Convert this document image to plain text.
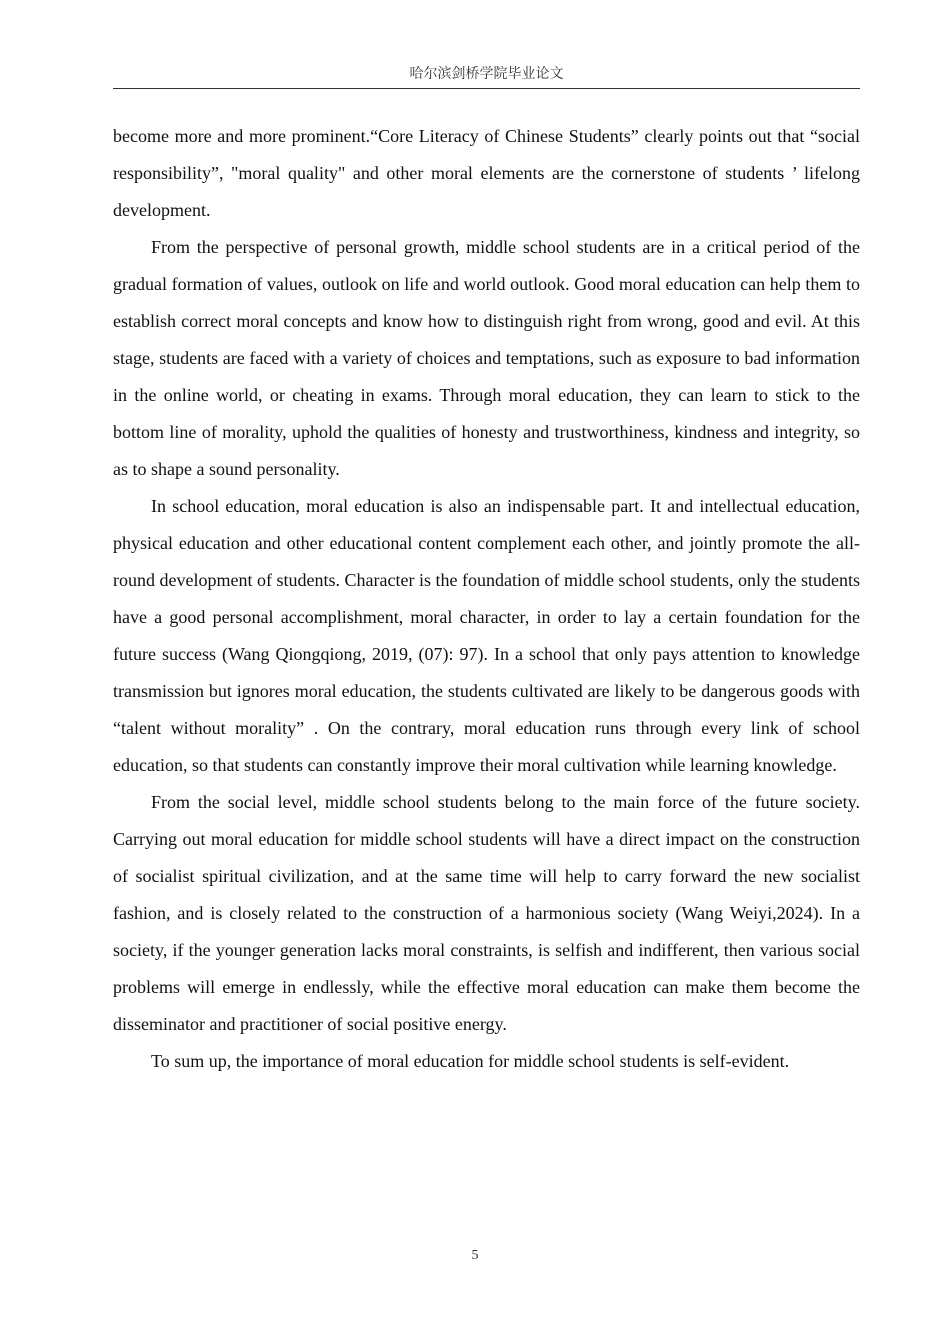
哈尔滨剑桥学院毕业论文

become more and more prominent.“Core Literacy of Chinese Students” clearly points out that “social responsibility”, "moral quality" and other moral elements are the cornerstone of students ’ lifelong development.

From the perspective of personal growth, middle school students are in a critical period of the gradual formation of values, outlook on life and world outlook. Good moral education can help them to establish correct moral concepts and know how to distinguish right from wrong, good and evil. At this stage, students are faced with a variety of choices and temptations, such as exposure to bad information in the online world, or cheating in exams. Through moral education, they can learn to stick to the bottom line of morality, uphold the qualities of honesty and trustworthiness, kindness and integrity, so as to shape a sound personality.

In school education, moral education is also an indispensable part. It and intellectual education, physical education and other educational content complement each other, and jointly promote the all-round development of students. Character is the foundation of middle school students, only the students have a good personal accomplishment, moral character, in order to lay a certain foundation for the future success (Wang Qiongqiong, 2019, (07): 97). In a school that only pays attention to knowledge transmission but ignores moral education, the students cultivated are likely to be dangerous goods with “talent without morality” . On the contrary, moral education runs through every link of school education, so that students can constantly improve their moral cultivation while learning knowledge.

From the social level, middle school students belong to the main force of the future society. Carrying out moral education for middle school students will have a direct impact on the construction of socialist spiritual civilization, and at the same time will help to carry forward the new socialist fashion, and is closely related to the construction of a harmonious society (Wang Weiyi,2024). In a society, if the younger generation lacks moral constraints, is selfish and indifferent, then various social problems will emerge in endlessly, while the effective moral education can make them become the disseminator and practitioner of social positive energy.

To sum up, the importance of moral education for middle school students is self-evident.

5
